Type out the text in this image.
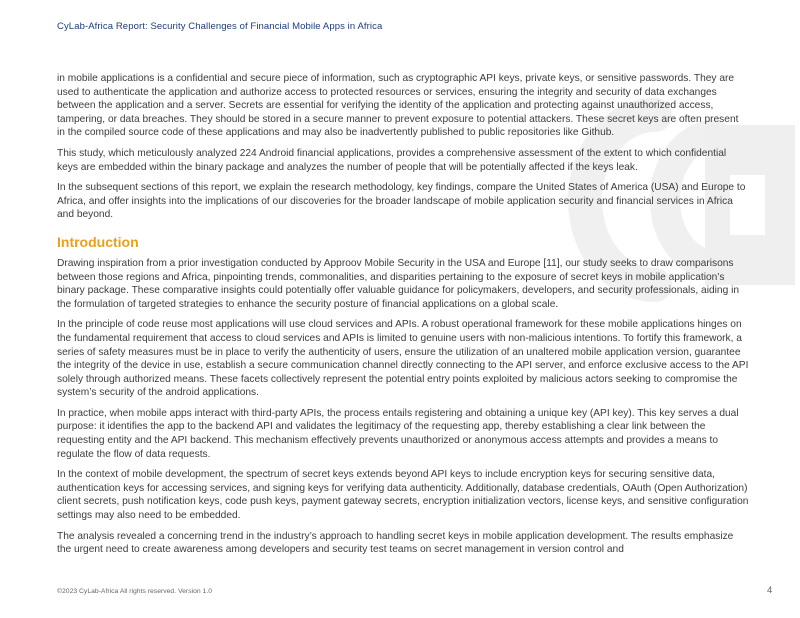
CyLab-Africa Report: Security Challenges of Financial Mobile Apps in Africa

in mobile applications is a confidential and secure piece of information, such as cryptographic API keys, private keys, or sensitive passwords. They are used to authenticate the application and authorize access to protected resources or services, ensuring the integrity and security of data exchanges between the application and a server. Secrets are essential for verifying the identity of the application and protecting against unauthorized access, tampering, or data breaches. They should be stored in a secure manner to prevent exposure to potential attackers. These secret keys are often present in the compiled source code of these applications and may also be inadvertently published to public repositories like Github.

This study, which meticulously analyzed 224 Android financial applications, provides a comprehensive assessment of the extent to which confidential keys are embedded within the binary package and analyzes the number of people that will be potentially affected if the keys leak.

In the subsequent sections of this report, we explain the research methodology, key findings, compare the United States of America (USA) and Europe to Africa, and offer insights into the implications of our discoveries for the broader landscape of mobile application security and financial services in Africa and beyond.

Introduction

Drawing inspiration from a prior investigation conducted by Approov Mobile Security in the USA and Europe [11], our study seeks to draw comparisons between those regions and Africa, pinpointing trends, commonalities, and disparities pertaining to the exposure of secret keys in mobile application’s binary package. These comparative insights could potentially offer valuable guidance for policymakers, developers, and security professionals, aiding in the formulation of targeted strategies to enhance the security posture of financial applications on a global scale.

In the principle of code reuse most applications will use cloud services and APIs. A robust operational framework for these mobile applications hinges on the fundamental requirement that access to cloud services and APIs is limited to genuine users with non-malicious intentions. To fortify this framework, a series of safety measures must be in place to verify the authenticity of users, ensure the utilization of an unaltered mobile application version, guarantee the integrity of the device in use, establish a secure communication channel directly connecting to the API server, and enforce exclusive access to the API solely through authorized means. These facets collectively represent the potential entry points exploited by malicious actors seeking to compromise the system’s security of the android applications.

In practice, when mobile apps interact with third-party APIs, the process entails registering and obtaining a unique key (API key). This key serves a dual purpose: it identifies the app to the backend API and validates the legitimacy of the requesting app, thereby establishing a clear link between the requesting entity and the API backend. This mechanism effectively prevents unauthorized or anonymous access attempts and provides a means to regulate the flow of data requests.

In the context of mobile development, the spectrum of secret keys extends beyond API keys to include encryption keys for securing sensitive data, authentication keys for accessing services, and signing keys for verifying data authenticity. Additionally, database credentials, OAuth (Open Authorization) client secrets, push notification keys, code push keys, payment gateway secrets, encryption initialization vectors, license keys, and sensitive configuration settings may also need to be embedded.

The analysis revealed a concerning trend in the industry’s approach to handling secret keys in mobile application development. The results emphasize the urgent need to create awareness among developers and security test teams on secret management in version control and

©2023 CyLab-Africa All rights reserved. Version 1.0	4
